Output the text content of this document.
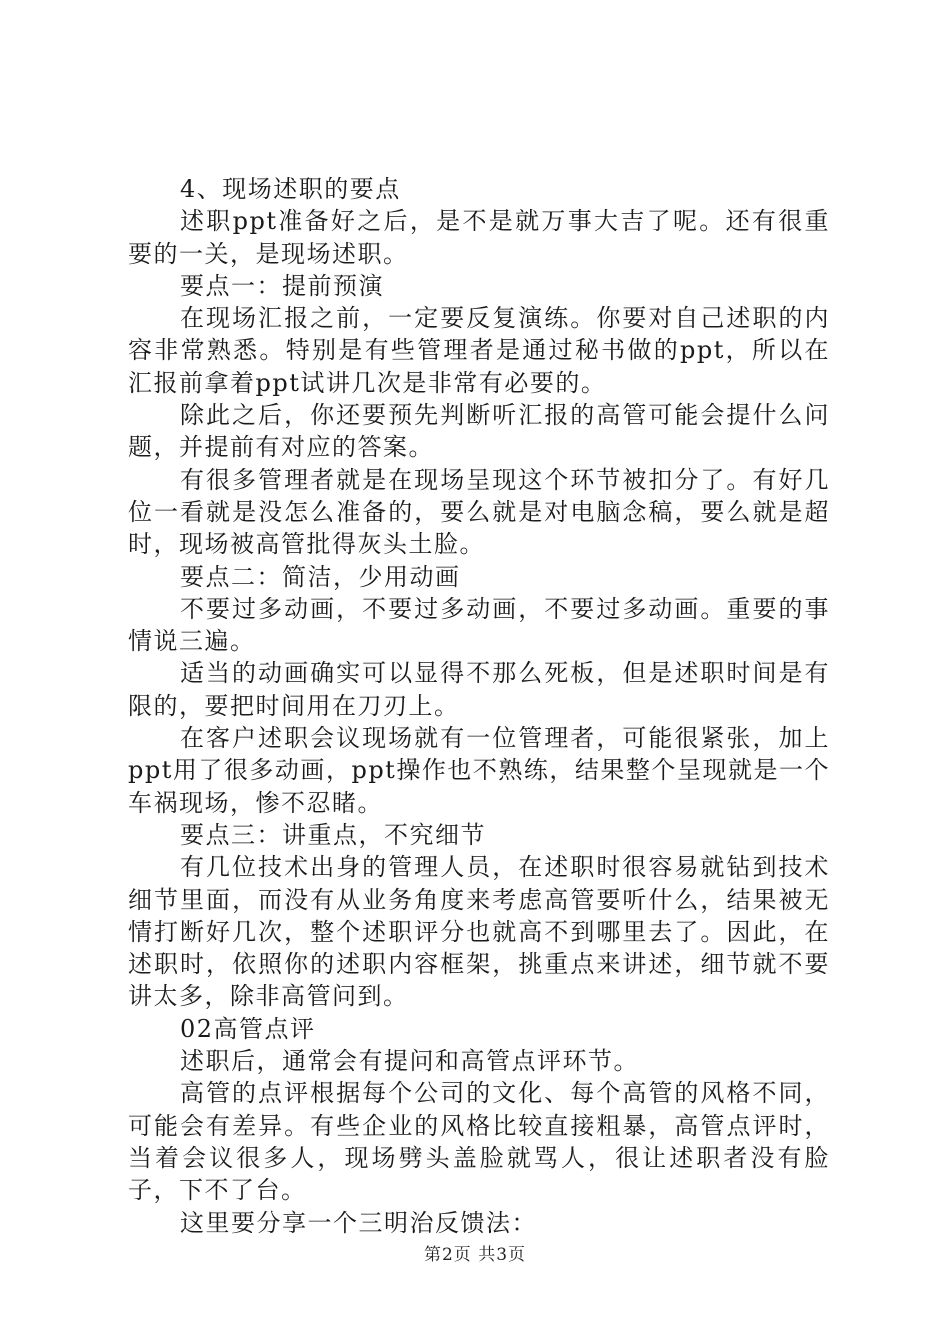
4、现场述职的要点

述职ppt准备好之后，是不是就万事大吉了呢。还有很重要的一关，是现场述职。

要点一：提前预演

在现场汇报之前，一定要反复演练。你要对自己述职的内容非常熟悉。特别是有些管理者是通过秘书做的ppt，所以在汇报前拿着ppt试讲几次是非常有必要的。

除此之后，你还要预先判断听汇报的高管可能会提什么问题，并提前有对应的答案。

有很多管理者就是在现场呈现这个环节被扣分了。有好几位一看就是没怎么准备的，要么就是对电脑念稿，要么就是超时，现场被高管批得灰头土脸。

要点二：简洁，少用动画

不要过多动画，不要过多动画，不要过多动画。重要的事情说三遍。

适当的动画确实可以显得不那么死板，但是述职时间是有限的，要把时间用在刀刃上。

在客户述职会议现场就有一位管理者，可能很紧张，加上ppt用了很多动画，ppt操作也不熟练，结果整个呈现就是一个车祸现场，惨不忍睹。

要点三：讲重点，不究细节

有几位技术出身的管理人员，在述职时很容易就钻到技术细节里面，而没有从业务角度来考虑高管要听什么，结果被无情打断好几次，整个述职评分也就高不到哪里去了。因此，在述职时，依照你的述职内容框架，挑重点来讲述，细节就不要讲太多，除非高管问到。

02高管点评

述职后，通常会有提问和高管点评环节。

高管的点评根据每个公司的文化、每个高管的风格不同，可能会有差异。有些企业的风格比较直接粗暴，高管点评时，当着会议很多人，现场劈头盖脸就骂人，很让述职者没有脸子，下不了台。

这里要分享一个三明治反馈法：

第2页 共3页
